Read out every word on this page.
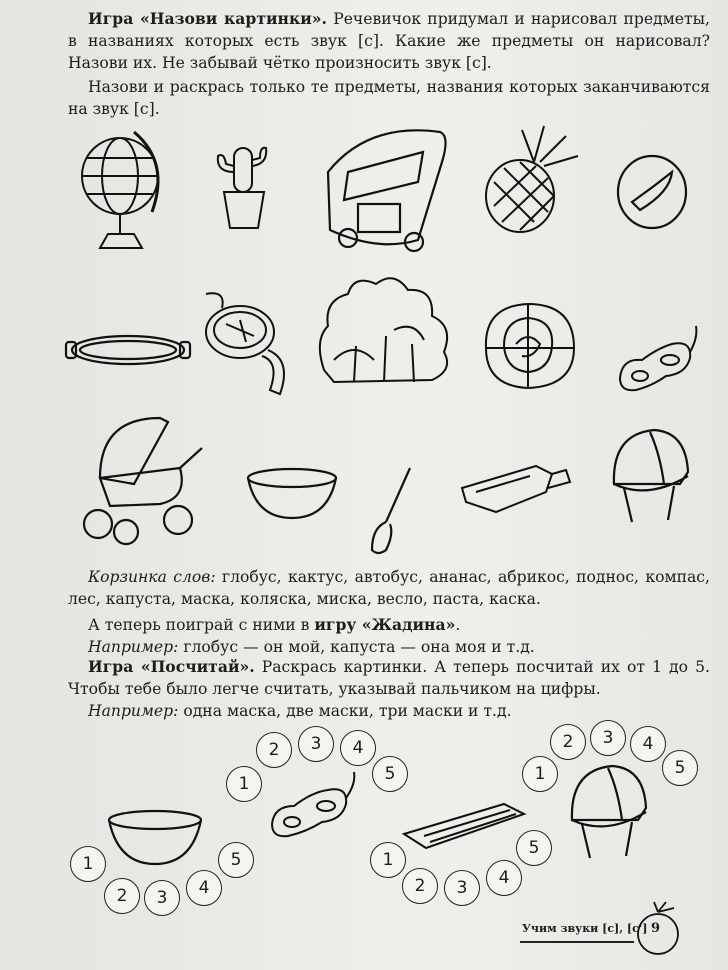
Игра «Назови картинки». Речевичок придумал и нарисовал предметы, в названиях которых есть звук [с]. Какие же предметы он нарисовал? Назови их. Не забывай чётко произносить звук [с].

Назови и раскрась только те предметы, названия которых заканчиваются на звук [с].

Корзинка слов: глобус, кактус, автобус, ананас, абрикос, поднос, компас, лес, капуста, маска, коляска, миска, весло, паста, каска.

А теперь поиграй с ними в игру «Жадина».

Например: глобус — он мой, капуста — она моя и т.д.

Игра «Посчитай». Раскрась картинки. А теперь посчитай их от 1 до 5. Чтобы тебе было легче считать, указывай пальчиком на цифры.

Например: одна маска, две маски, три маски и т.д.

1
2	3	4
5
1
2	3	4
5
1
2	3	4
5
1
2	3	4
5
Учим звуки [с], [с'] 9
